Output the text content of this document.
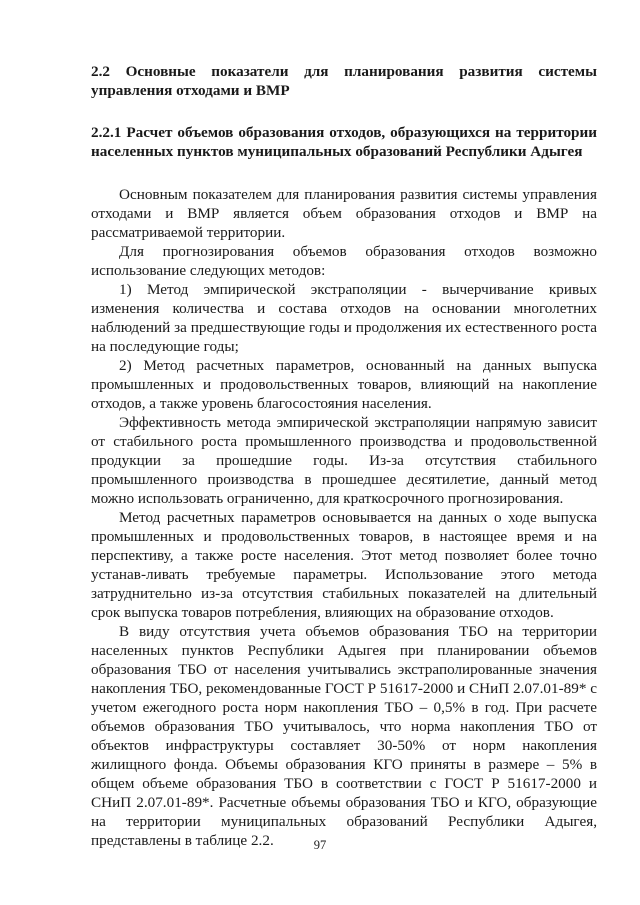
2.2 Основные показатели для планирования развития системы управления отходами и ВМР

2.2.1 Расчет объемов образования отходов, образующихся на территории населенных пунктов муниципальных образований Республики Адыгея

Основным показателем для планирования развития системы управления отходами и ВМР является объем образования отходов и ВМР на рассматриваемой территории.

Для прогнозирования объемов образования отходов возможно использование следующих методов:

1) Метод эмпирической экстраполяции - вычерчивание кривых изменения количества и состава отходов на основании многолетних наблюдений за предшествующие годы и продолжения их естественного роста на последующие годы;

2) Метод расчетных параметров, основанный на данных выпуска промышленных и продовольственных товаров, влияющий на накопление отходов, а также уровень благосостояния населения.

Эффективность метода эмпирической экстраполяции напрямую зависит от стабильного роста промышленного производства и продовольственной продукции за прошедшие годы. Из-за отсутствия стабильного промышленного производства в прошедшее десятилетие, данный метод можно использовать ограниченно, для краткосрочного прогнозирования.

Метод расчетных параметров основывается на данных о ходе выпуска промышленных и продовольственных товаров, в настоящее время и на перспективу, а также росте населения. Этот метод позволяет более точно устанав-ливать требуемые параметры. Использование этого метода затруднительно из-за отсутствия стабильных показателей на длительный срок выпуска товаров потребления, влияющих на образование отходов.

В виду отсутствия учета объемов образования ТБО на территории населенных пунктов Республики Адыгея при планировании объемов образования ТБО от населения учитывались экстраполированные значения накопления ТБО, рекомендованные ГОСТ Р 51617-2000 и СНиП 2.07.01-89* с учетом ежегодного роста норм накопления ТБО – 0,5% в год. При расчете объемов образования ТБО учитывалось, что норма накопления ТБО от объектов инфраструктуры составляет 30-50% от норм накопления жилищного фонда. Объемы образования КГО приняты в размере – 5% в общем объеме образования ТБО в соответствии с ГОСТ Р 51617-2000 и СНиП 2.07.01-89*. Расчетные объемы образования ТБО и КГО, образующие на территории муниципальных образований Республики Адыгея, представлены в таблице 2.2.	97
